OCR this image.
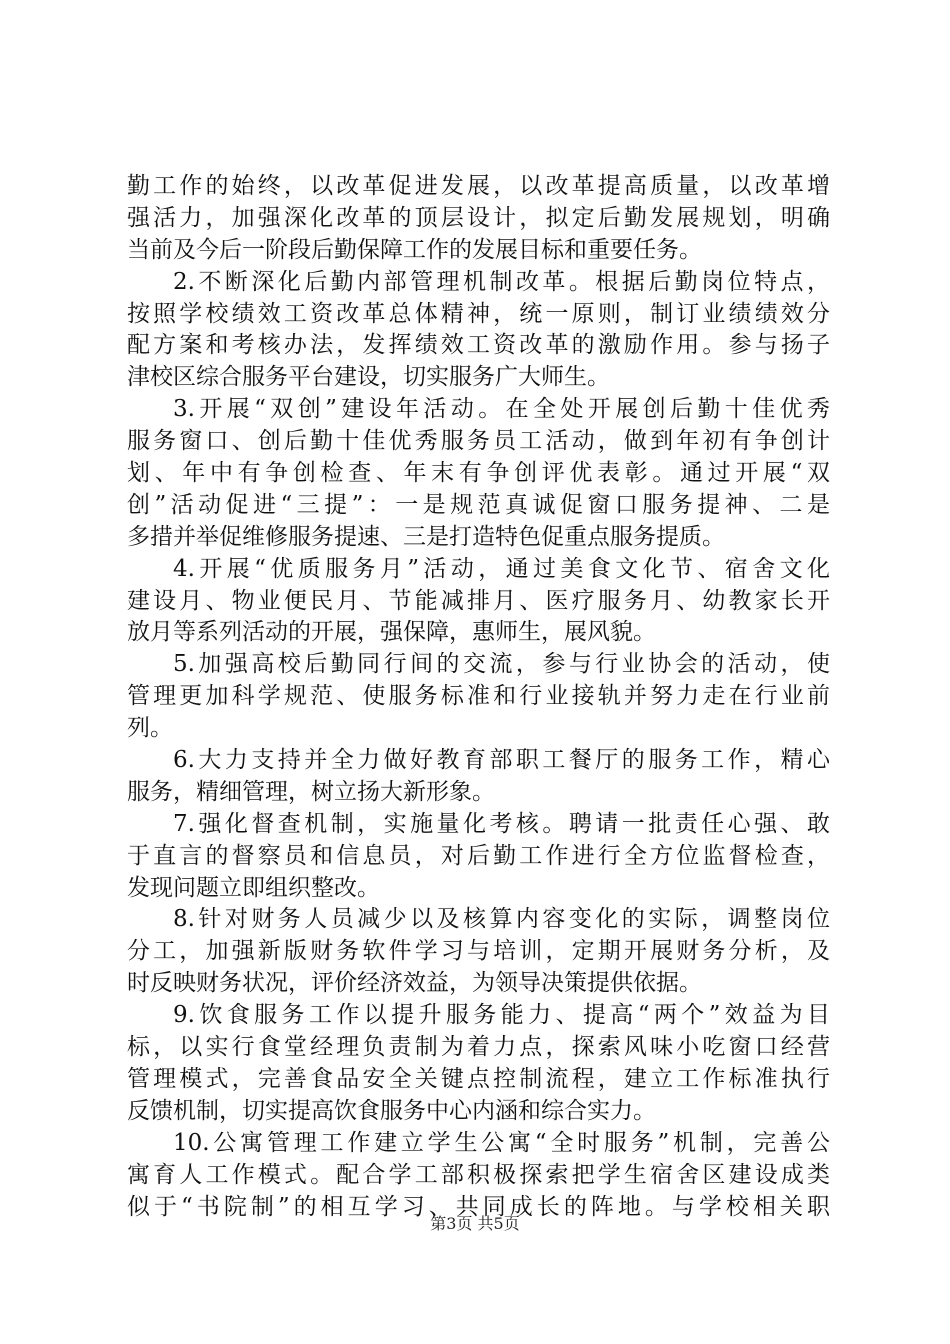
勤工作的始终，以改革促进发展，以改革提高质量，以改革增
强活力，加强深化改革的顶层设计，拟定后勤发展规划，明确
当前及今后一阶段后勤保障工作的发展目标和重要任务。
2.不断深化后勤内部管理机制改革。根据后勤岗位特点，
按照学校绩效工资改革总体精神，统一原则，制订业绩绩效分
配方案和考核办法，发挥绩效工资改革的激励作用。参与扬子
津校区综合服务平台建设，切实服务广大师生。
3.开展“双创”建设年活动。在全处开展创后勤十佳优秀
服务窗口、创后勤十佳优秀服务员工活动，做到年初有争创计
划、年中有争创检查、年末有争创评优表彰。通过开展“双
创”活动促进“三提”：一是规范真诚促窗口服务提神、二是
多措并举促维修服务提速、三是打造特色促重点服务提质。
4.开展“优质服务月”活动，通过美食文化节、宿舍文化
建设月、物业便民月、节能减排月、医疗服务月、幼教家长开
放月等系列活动的开展，强保障，惠师生，展风貌。
5.加强高校后勤同行间的交流，参与行业协会的活动，使
管理更加科学规范、使服务标准和行业接轨并努力走在行业前
列。
6.大力支持并全力做好教育部职工餐厅的服务工作，精心
服务，精细管理，树立扬大新形象。
7.强化督查机制，实施量化考核。聘请一批责任心强、敢
于直言的督察员和信息员，对后勤工作进行全方位监督检查，
发现问题立即组织整改。
8.针对财务人员减少以及核算内容变化的实际，调整岗位
分工，加强新版财务软件学习与培训，定期开展财务分析，及
时反映财务状况，评价经济效益，为领导决策提供依据。
9.饮食服务工作以提升服务能力、提高“两个”效益为目
标，以实行食堂经理负责制为着力点，探索风味小吃窗口经营
管理模式，完善食品安全关键点控制流程，建立工作标准执行
反馈机制，切实提高饮食服务中心内涵和综合实力。
10.公寓管理工作建立学生公寓“全时服务”机制，完善公
寓育人工作模式。配合学工部积极探索把学生宿舍区建设成类
似于“书院制”的相互学习、共同成长的阵地。与学校相关职
第3页 共5页
